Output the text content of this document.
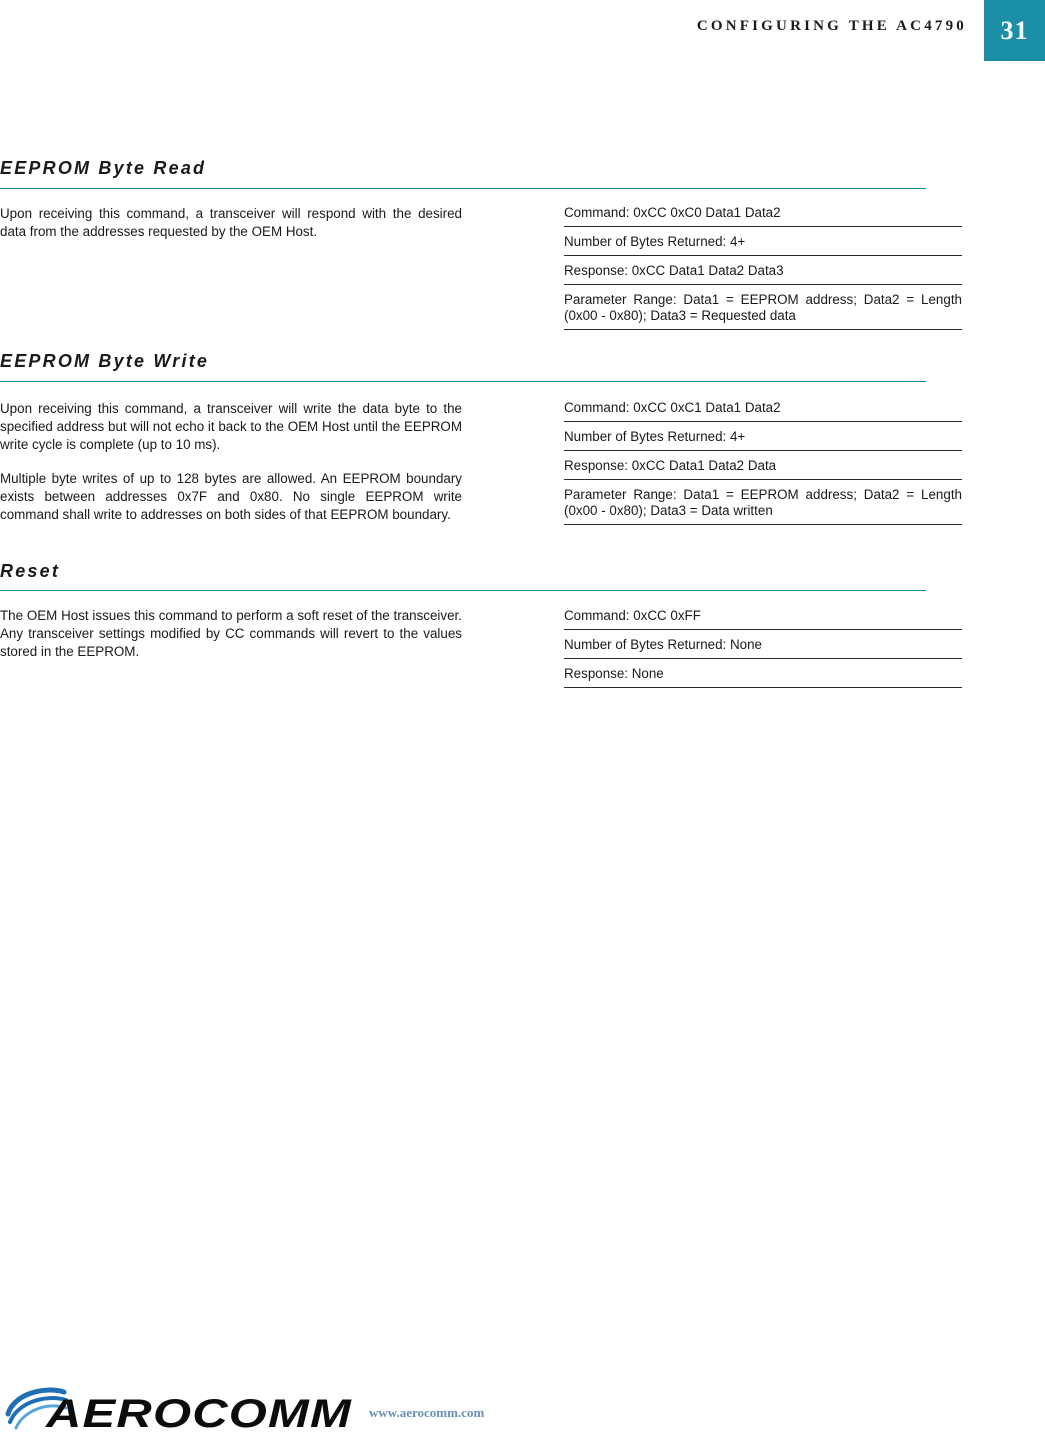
CONFIGURING THE AC4790 31
EEPROM Byte Read

Upon receiving this command, a transceiver will respond with the desired data from the addresses requested by the OEM Host.

Command: 0xCC 0xC0 Data1 Data2
Number of Bytes Returned: 4+
Response: 0xCC Data1 Data2 Data3
Parameter Range: Data1 = EEPROM address; Data2 = Length (0x00 - 0x80); Data3 = Requested data
EEPROM Byte Write

Upon receiving this command, a transceiver will write the data byte to the specified address but will not echo it back to the OEM Host until the EEPROM write cycle is complete (up to 10 ms).

Multiple byte writes of up to 128 bytes are allowed. An EEPROM boundary exists between addresses 0x7F and 0x80. No single EEPROM write command shall write to addresses on both sides of that EEPROM boundary.

Command: 0xCC 0xC1 Data1 Data2
Number of Bytes Returned: 4+
Response: 0xCC Data1 Data2 Data
Parameter Range: Data1 = EEPROM address; Data2 = Length (0x00 - 0x80); Data3 = Data written
Reset

The OEM Host issues this command to perform a soft reset of the transceiver. Any transceiver settings modified by CC commands will revert to the values stored in the EEPROM.

Command: 0xCC 0xFF
Number of Bytes Returned: None
Response: None
AEROCOMM www.aerocomm.com
